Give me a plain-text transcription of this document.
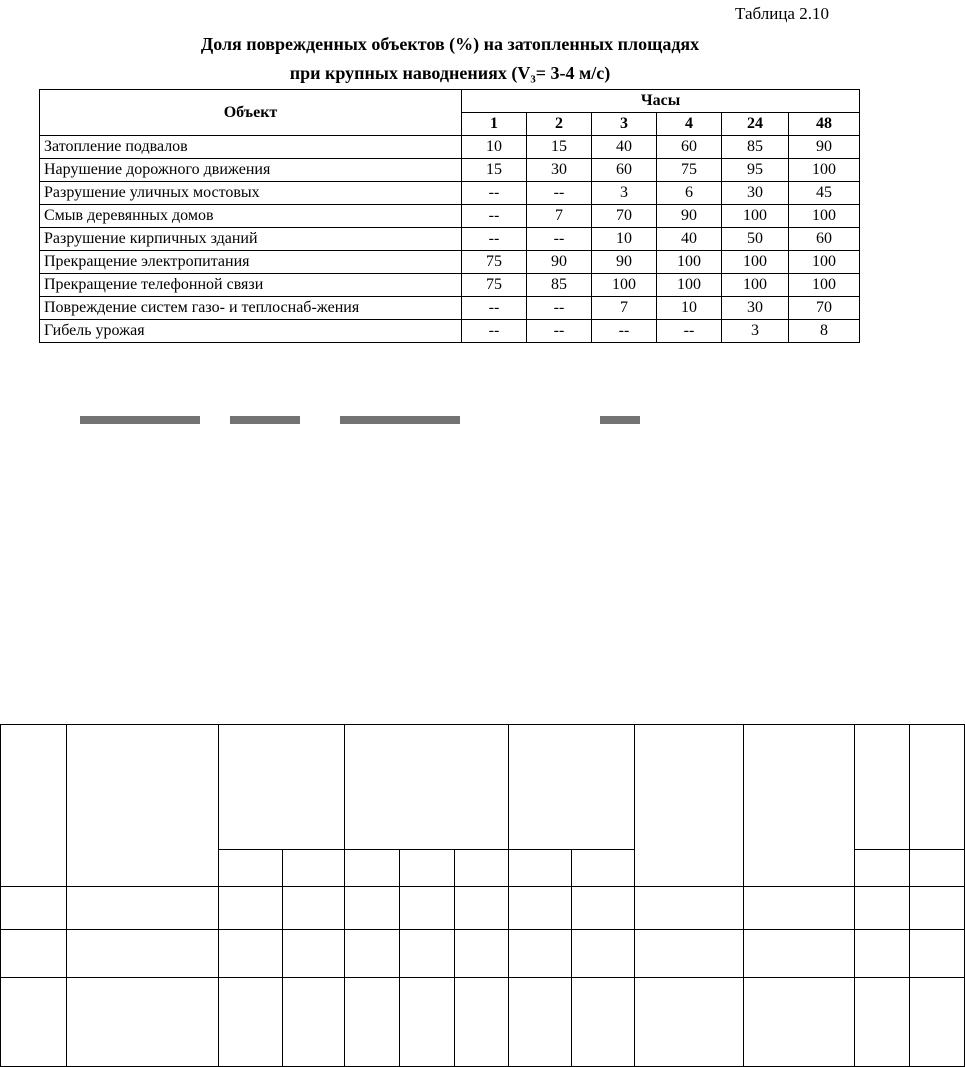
Таблица 2.10
Доля поврежденных объектов (%) на затопленных площадях
при крупных наводнениях (V₃= 3-4 м/с)
Объект	Часы					
	1	2	3	4	24	48
Затопление подвалов	10	15	40	60	85	90
Нарушение дорожного движения	15	30	60	75	95	100
Разрушение уличных мостовых	--	--	3	6	30	45
Смыв деревянных домов	--	7	70	90	100	100
Разрушение кирпичных зданий	--	--	10	40	50	60
Прекращение электропитания	75	90	90	100	100	100
Прекращение телефонной связи	75	85	100	100	100	100
Повреждение систем газо- и теплоснаб-жения	--	--	7	10	30	70
Гибель урожая	--	--	--	--	3	8
